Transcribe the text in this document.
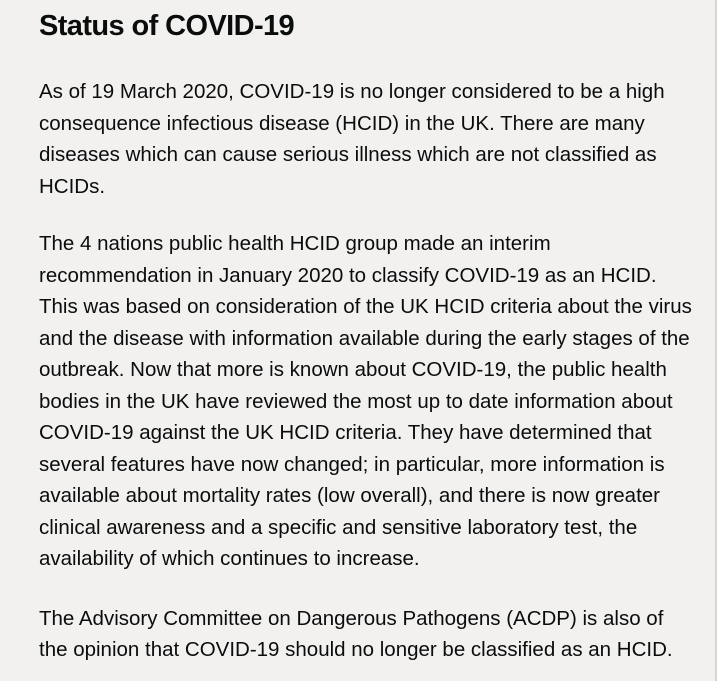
Status of COVID-19

As of 19 March 2020, COVID-19 is no longer considered to be a high consequence infectious disease (HCID) in the UK. There are many diseases which can cause serious illness which are not classified as HCIDs.

The 4 nations public health HCID group made an interim recommendation in January 2020 to classify COVID-19 as an HCID. This was based on consideration of the UK HCID criteria about the virus and the disease with information available during the early stages of the outbreak. Now that more is known about COVID-19, the public health bodies in the UK have reviewed the most up to date information about COVID-19 against the UK HCID criteria. They have determined that several features have now changed; in particular, more information is available about mortality rates (low overall), and there is now greater clinical awareness and a specific and sensitive laboratory test, the availability of which continues to increase.

The Advisory Committee on Dangerous Pathogens (ACDP) is also of the opinion that COVID-19 should no longer be classified as an HCID.
